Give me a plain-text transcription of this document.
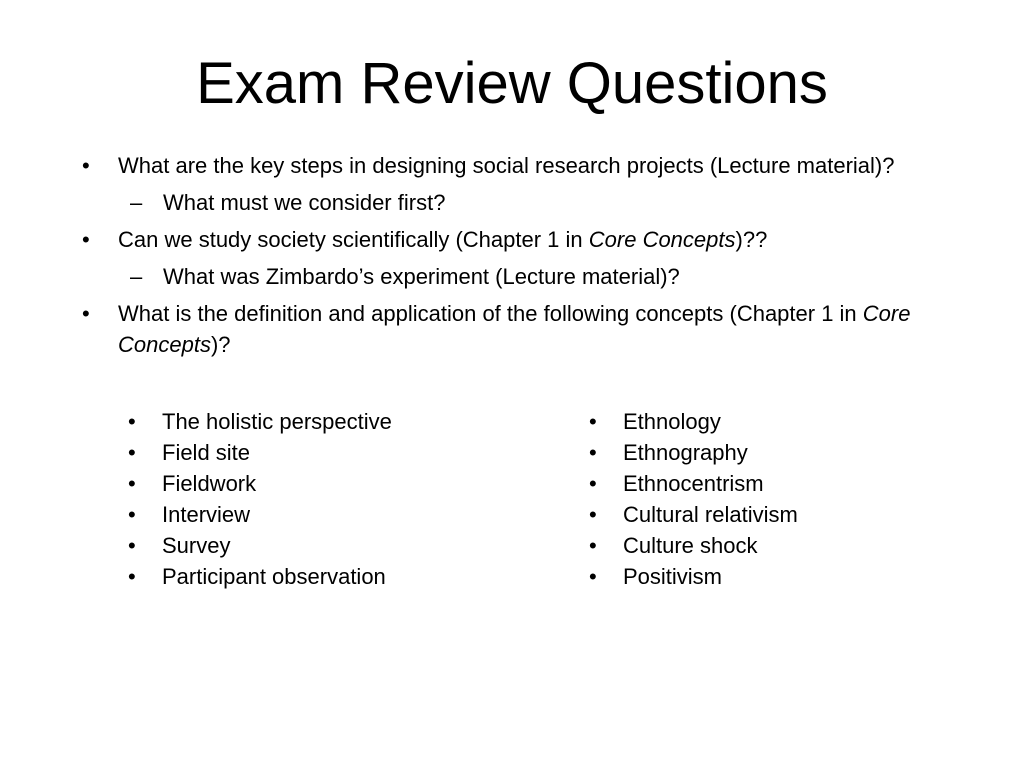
Exam Review Questions
• What are the key steps in designing social research projects (Lecture material)?
– What must we consider first?
• Can we study society scientifically (Chapter 1 in Core Concepts)??
– What was Zimbardo’s experiment (Lecture material)?
• What is the definition and application of the following concepts (Chapter 1 in Core Concepts)?
• The holistic perspective
• Field site
• Fieldwork
• Interview
• Survey
• Participant observation
• Ethnology
• Ethnography
• Ethnocentrism
• Cultural relativism
• Culture shock
• Positivism
